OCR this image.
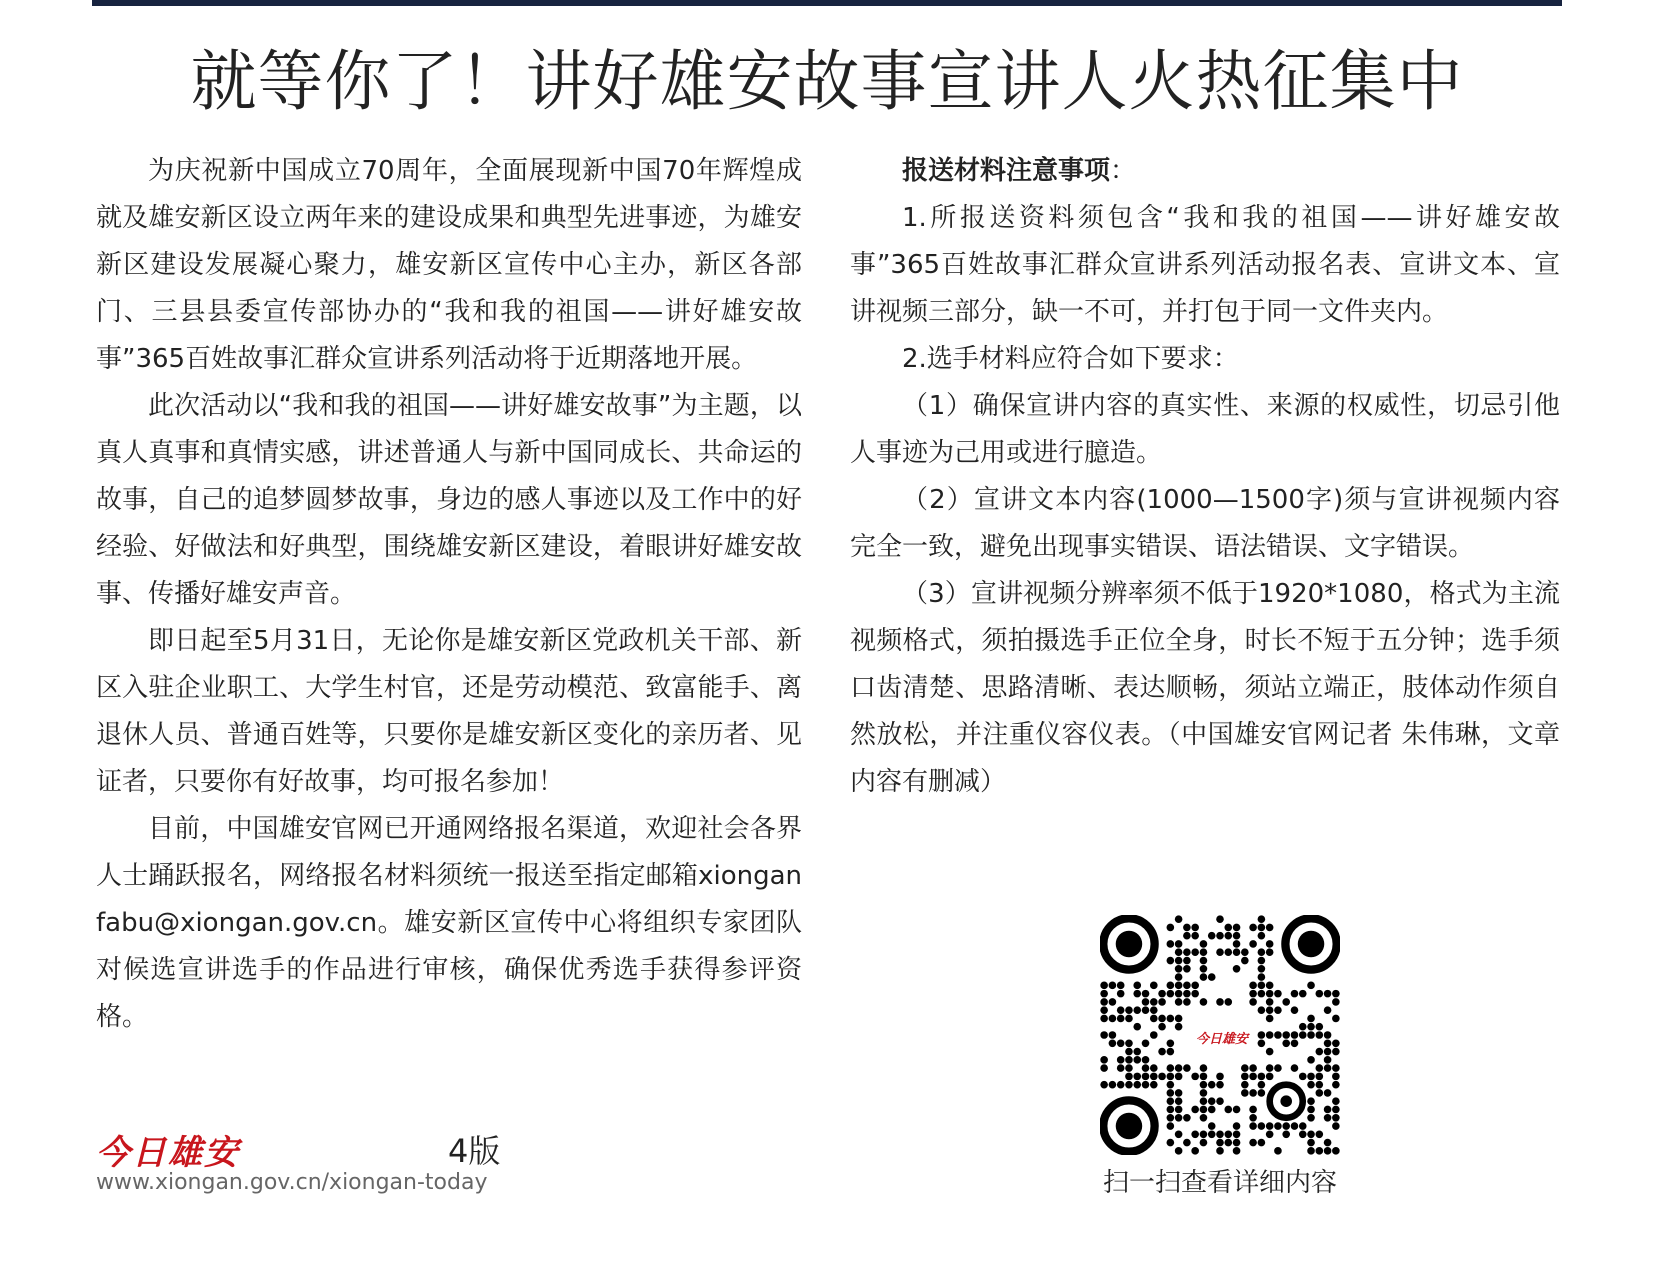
就等你了！讲好雄安故事宣讲人火热征集中

为庆祝新中国成立70周年，全面展现新中国70年辉煌成就及雄安新区设立两年来的建设成果和典型先进事迹，为雄安新区建设发展凝心聚力，雄安新区宣传中心主办，新区各部门、三县县委宣传部协办的“我和我的祖国——讲好雄安故事”365百姓故事汇群众宣讲系列活动将于近期落地开展。

此次活动以“我和我的祖国——讲好雄安故事”为主题，以真人真事和真情实感，讲述普通人与新中国同成长、共命运的故事，自己的追梦圆梦故事，身边的感人事迹以及工作中的好经验、好做法和好典型，围绕雄安新区建设，着眼讲好雄安故事、传播好雄安声音。

即日起至5月31日，无论你是雄安新区党政机关干部、新区入驻企业职工、大学生村官，还是劳动模范、致富能手、离退休人员、普通百姓等，只要你是雄安新区变化的亲历者、见证者，只要你有好故事，均可报名参加！

目前，中国雄安官网已开通网络报名渠道，欢迎社会各界人士踊跃报名，网络报名材料须统一报送至指定邮箱xionganfabu@xiongan.gov.cn。雄安新区宣传中心将组织专家团队对候选宣讲选手的作品进行审核，确保优秀选手获得参评资格。

报送材料注意事项：

1.所报送资料须包含“我和我的祖国——讲好雄安故事”365百姓故事汇群众宣讲系列活动报名表、宣讲文本、宣讲视频三部分，缺一不可，并打包于同一文件夹内。

2.选手材料应符合如下要求：

（1）确保宣讲内容的真实性、来源的权威性，切忌引他人事迹为己用或进行臆造。

（2）宣讲文本内容(1000—1500字)须与宣讲视频内容完全一致，避免出现事实错误、语法错误、文字错误。

（3）宣讲视频分辨率须不低于1920*1080，格式为主流视频格式，须拍摄选手正位全身，时长不短于五分钟；选手须口齿清楚、思路清晰、表达顺畅，须站立端正，肢体动作须自然放松，并注重仪容仪表。（中国雄安官网记者 朱伟琳，文章内容有删减）

今日雄安	4版
www.xiongan.gov.cn/xiongan-today
今日雄安
扫一扫查看详细内容
